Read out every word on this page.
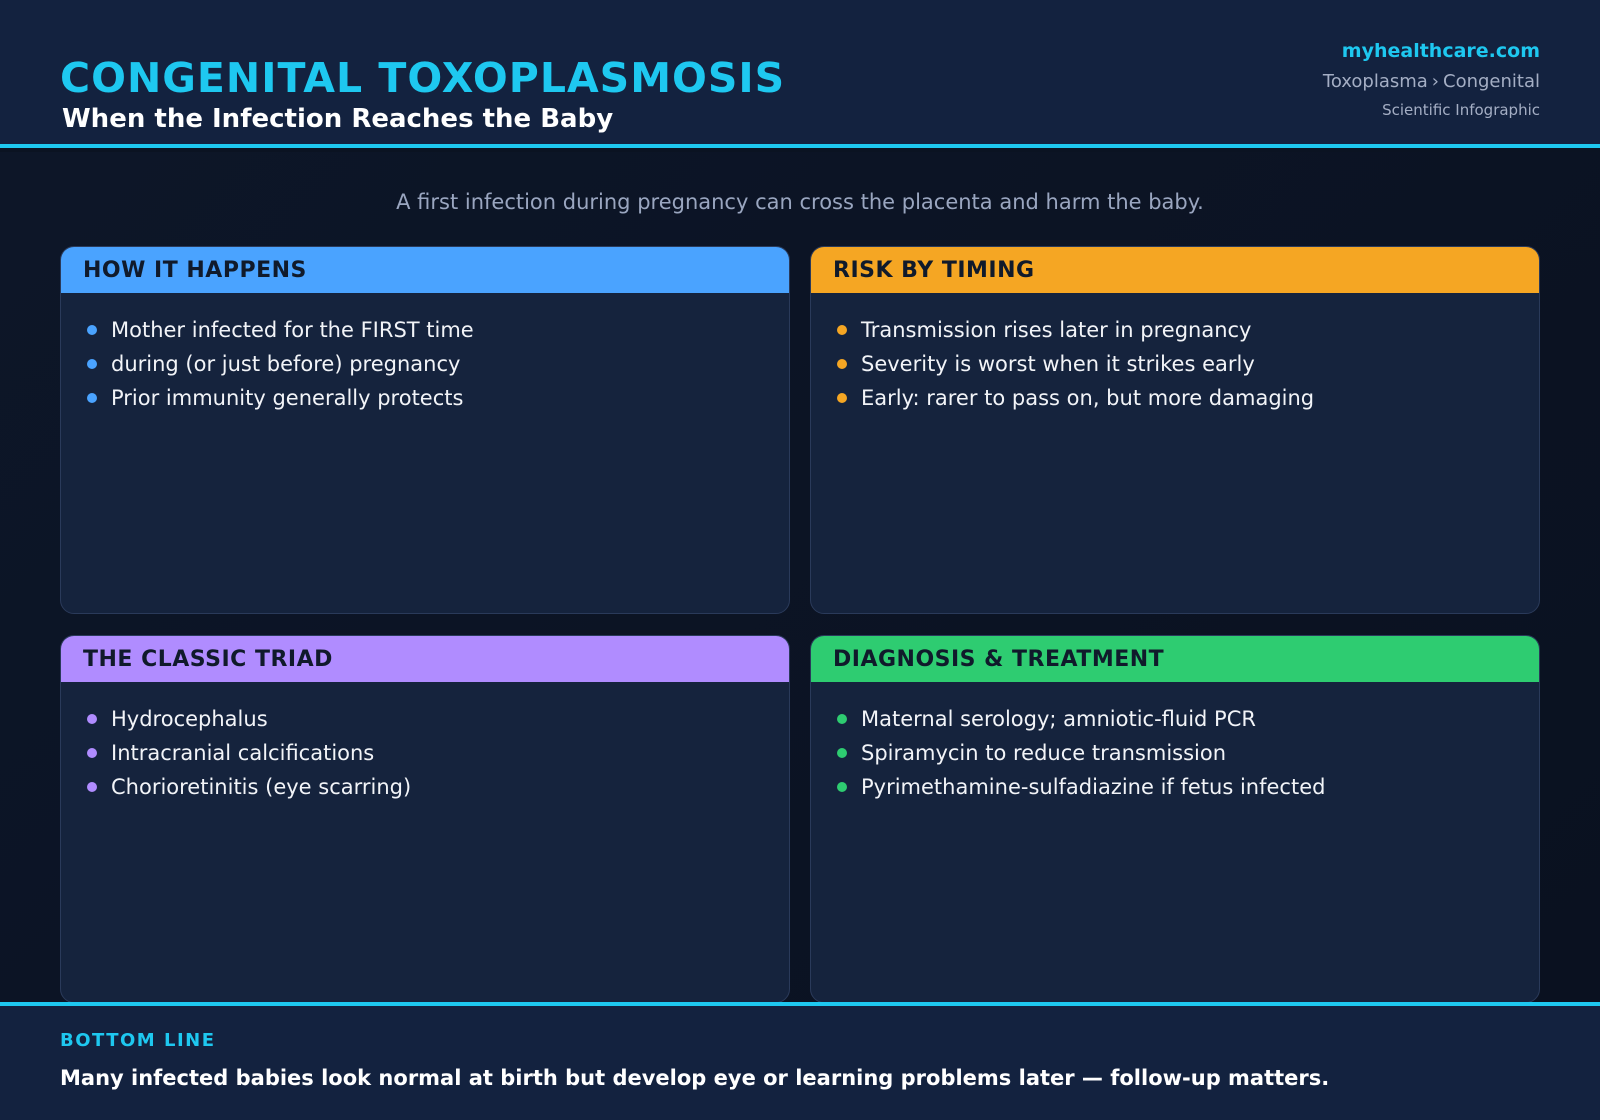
CONGENITAL TOXOPLASMOSIS
When the Infection Reaches the Baby
myhealthcare.com
Toxoplasma › Congenital
Scientific Infographic
A first infection during pregnancy can cross the placenta and harm the baby.
HOW IT HAPPENS
Mother infected for the FIRST time
during (or just before) pregnancy
Prior immunity generally protects
RISK BY TIMING
Transmission rises later in pregnancy
Severity is worst when it strikes early
Early: rarer to pass on, but more damaging
THE CLASSIC TRIAD
Hydrocephalus
Intracranial calcifications
Chorioretinitis (eye scarring)
DIAGNOSIS & TREATMENT
Maternal serology; amniotic-fluid PCR
Spiramycin to reduce transmission
Pyrimethamine-sulfadiazine if fetus infected
BOTTOM LINE
Many infected babies look normal at birth but develop eye or learning problems later — follow-up matters.
